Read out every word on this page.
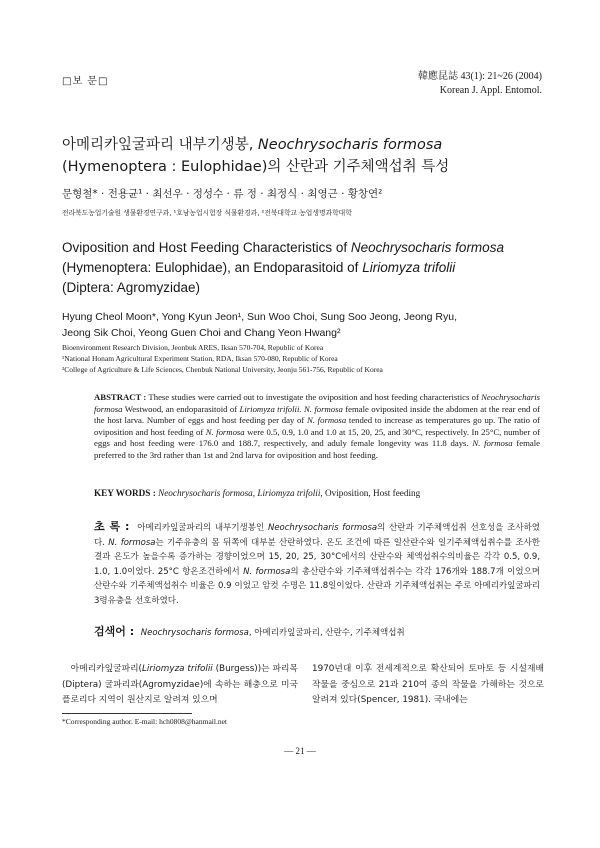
□보 문□	韓應昆誌 43(1): 21~26 (2004)
Korean J. Appl. Entomol.
아메리카잎굴파리 내부기생봉, Neochrysocharis formosa
(Hymenoptera : Eulophidae)의 산란과 기주체액섭취 특성
문형철* · 전용균¹ · 최선우 · 정성수 · 류 정 · 최정식 · 최영근 · 황창연²
전라북도농업기술원 생물환경연구과, ¹호남농업시험장 식물환경과, ²전북대학교 농업생명과학대학
Oviposition and Host Feeding Characteristics of Neochrysocharis formosa
(Hymenoptera: Eulophidae), an Endoparasitoid of Liriomyza trifolii
(Diptera: Agromyzidae)
Hyung Cheol Moon*, Yong Kyun Jeon¹, Sun Woo Choi, Sung Soo Jeong, Jeong Ryu,
Jeong Sik Choi, Yeong Guen Choi and Chang Yeon Hwang²
Bioenvironment Research Division, Jeonbuk ARES, Iksan 570-704, Republic of Korea
¹National Honam Agricultural Experiment Station, RDA, Iksan 570-080, Republic of Korea
²College of Agriculture & Life Sciences, Chenbuk National University, Jeonju 561-756, Republic of Korea
ABSTRACT : These studies were carried out to investigate the oviposition and host feeding characteristics of Neochrysocharis formosa Westwood, an endoparasitoid of Liriomyza trifolii. N. formosa female oviposited inside the abdomen at the rear end of the host larva. Number of eggs and host feeding per day of N. formosa tended to increase as temperatures go up. The ratio of oviposition and host feeding of N. formosa were 0.5, 0.9, 1.0 and 1.0 at 15, 20, 25, and 30°C, respectively. In 25°C, number of eggs and host feeding were 176.0 and 188.7, respectively, and aduly female longevity was 11.8 days. N. formosa female preferred to the 3rd rather than 1st and 2nd larva for oviposition and host feeding.
KEY WORDS : Neochrysocharis formosa, Liriomyza trifolii, Oviposition, Host feeding
초 록 : 아메리카잎굴파리의 내부기생봉인 Neochrysocharis formosa의 산란과 기주체액섭취 선호성을 조사하였다. N. formosa는 기주유충의 몸 뒤쪽에 대부분 산란하였다. 온도 조건에 따른 일산란수와 일기주체액섭취수를 조사한 결과 온도가 높을수록 증가하는 경향이었으며 15, 20, 25, 30°C에서의 산란수와 체액섭취수의비율은 각각 0.5, 0.9, 1.0, 1.0이었다. 25°C 항온조건하에서 N. formosa의 총산란수와 기주체액섭취수는 각각 176개와 188.7개 이었으며 산란수와 기주체액섭취수 비율은 0.9 이었고 암컷 수명은 11.8일이었다. 산란과 기주체액섭취는 주로 아메리카잎굴파리 3령유충을 선호하였다.
검색어 : Neochrysocharis formosa, 아메리카잎굴파리, 산란수, 기주체액섭취
아메리카잎굴파리(Liriomyza trifolii (Burgess))는 파리목(Diptera) 굴파리과(Agromyzidae)에 속하는 해충으로 미국 플로리다 지역이 원산지로 알려져 있으며
1970년대 이후 전세계적으로 확산되어 토마토 등 시설재배작물을 중심으로 21과 210여 종의 작물을 가해하는 것으로 알려져 있다(Spencer, 1981). 국내에는
*Corresponding author. E-mail: hch0808@hanmail.net
— 21 —
